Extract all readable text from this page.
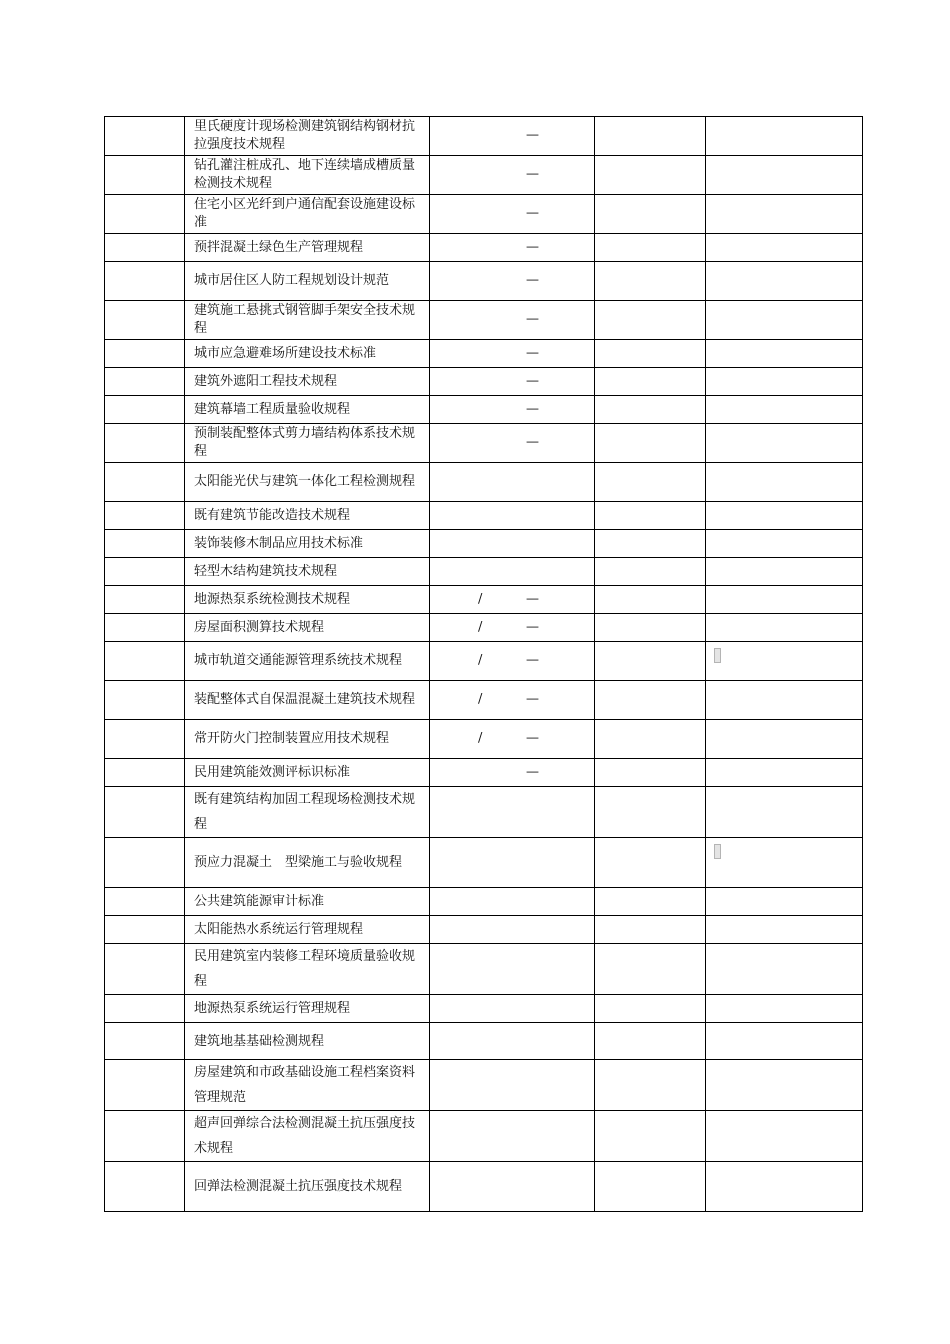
	里氏硬度计现场检测建筑钢结构钢材抗拉强度技术规程	—		

	钻孔灌注桩成孔、地下连续墙成槽质量检测技术规程	—		

	住宅小区光纤到户通信配套设施建设标准	—		

	预拌混凝土绿色生产管理规程	—		

	城市居住区人防工程规划设计规范	—		

	建筑施工悬挑式钢管脚手架安全技术规程	—		

	城市应急避难场所建设技术标准	—		

	建筑外遮阳工程技术规程	—		

	建筑幕墙工程质量验收规程	—		

	预制装配整体式剪力墙结构体系技术规程	—		

	太阳能光伏与建筑一体化工程检测规程			
	既有建筑节能改造技术规程			
	装饰装修木制品应用技术标准			
	轻型木结构建筑技术规程			
	地源热泵系统检测技术规程	/ —		

	房屋面积测算技术规程	/ —		

	城市轨道交通能源管理系统技术规程	/ —		

	装配整体式自保温混凝土建筑技术规程	/ —		

	常开防火门控制装置应用技术规程	/ —		

	民用建筑能效测评标识标准	—		

	既有建筑结构加固工程现场检测技术规程			
	预应力混凝土　型梁施工与验收规程			

	公共建筑能源审计标准			
	太阳能热水系统运行管理规程			
	民用建筑室内装修工程环境质量验收规程			
	地源热泵系统运行管理规程			
	建筑地基基础检测规程			
	房屋建筑和市政基础设施工程档案资料管理规范			
	超声回弹综合法检测混凝土抗压强度技术规程			
	回弹法检测混凝土抗压强度技术规程			
